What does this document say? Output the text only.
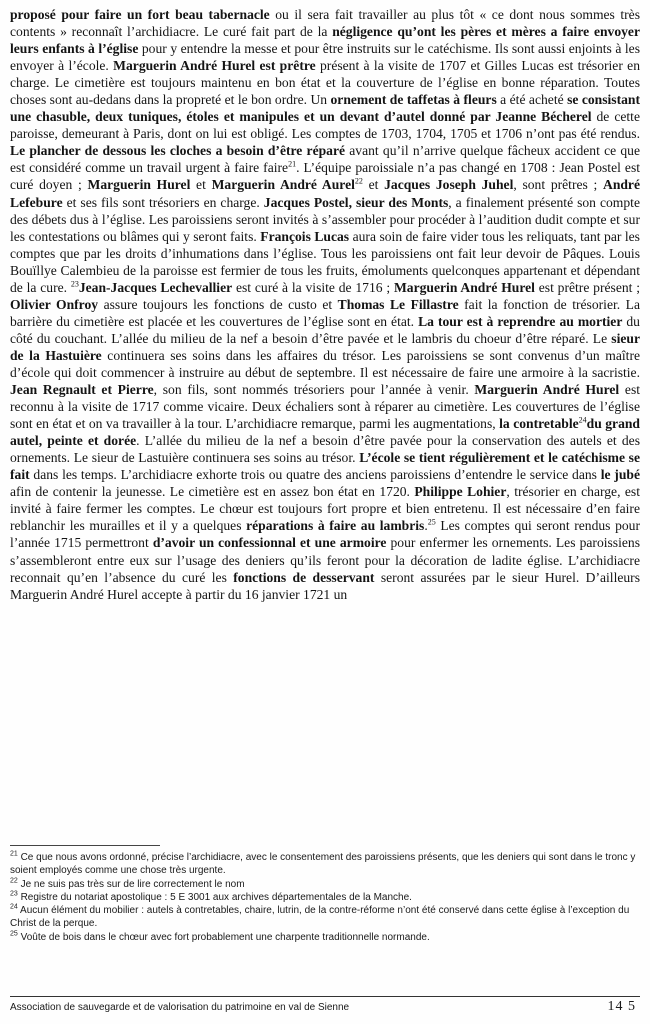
proposé pour faire un fort beau tabernacle ou il sera fait travailler au plus tôt « ce dont nous sommes très contents » reconnaît l’archidiacre. Le curé fait part de la négligence qu’ont les pères et mères a faire envoyer leurs enfants à l’église pour y entendre la messe et pour être instruits sur le catéchisme. Ils sont aussi enjoints à les envoyer à l’école. Marguerin André Hurel est prêtre présent à la visite de 1707 et Gilles Lucas est trésorier en charge. Le cimetière est toujours maintenu en bon état et la couverture de l’église en bonne réparation. Toutes choses sont au-dedans dans la propreté et le bon ordre. Un ornement de taffetas à fleurs a été acheté se consistant une chasuble, deux tuniques, étoles et manipules et un devant d’autel donné par Jeanne Bécherel de cette paroisse, demeurant à Paris, dont on lui est obligé. Les comptes de 1703, 1704, 1705 et 1706 n’ont pas été rendus. Le plancher de dessous les cloches a besoin d’être réparé avant qu’il n’arrive quelque fâcheux accident ce que est considéré comme un travail urgent à faire faire$^{21}$. L’équipe paroissiale n’a pas changé en 1708 : Jean Postel est curé doyen ; Marguerin Hurel et Marguerin André Aurel$^{22}$ et Jacques Joseph Juhel, sont prêtres ; André Lefebure et ses fils sont trésoriers en charge. Jacques Postel, sieur des Monts, a finalement présenté son compte des débets dus à l’église. Les paroissiens seront invités à s’assembler pour procéder à l’audition dudit compte et sur les contestations ou blâmes qui y seront faits. François Lucas aura soin de faire vider tous les reliquats, tant par les comptes que par les droits d’inhumations dans l’église. Tous les paroissiens ont fait leur devoir de Pâques. Louis Bouïllye Calembieu de la paroisse est fermier de tous les fruits, émoluments quelconques appartenant et dépendant de la cure. $^{23}$Jean-Jacques Lechevallier est curé à la visite de 1716 ; Marguerin André Hurel est prêtre présent ; Olivier Onfroy assure toujours les fonctions de custo et Thomas Le Fillastre fait la fonction de trésorier. La barrière du cimetière est placée et les couvertures de l’église sont en état. La tour est à reprendre au mortier du côté du couchant. L’allée du milieu de la nef a besoin d’être pavée et le lambris du choeur d’être réparé. Le sieur de la Hastuière continuera ses soins dans les affaires du trésor. Les paroissiens se sont convenus d’un maître d’école qui doit commencer à instruire au début de septembre. Il est nécessaire de faire une armoire à la sacristie. Jean Regnault et Pierre, son fils, sont nommés trésoriers pour l’année à venir. Marguerin André Hurel est reconnu à la visite de 1717 comme vicaire. Deux échaliers sont à réparer au cimetière. Les couvertures de l’église sont en état et on va travailler à la tour. L’archidiacre remarque, parmi les augmentations, la contretable$^{24}$du grand autel, peinte et dorée. L’allée du milieu de la nef a besoin d’être pavée pour la conservation des autels et des ornements. Le sieur de Lastuière continuera ses soins au trésor. L’école se tient régulièrement et le catéchisme se fait dans les temps. L’archidiacre exhorte trois ou quatre des anciens paroissiens d’entendre le service dans le jubé afin de contenir la jeunesse. Le cimetière est en assez bon état en 1720. Philippe Lohier, trésorier en charge, est invité à faire fermer les comptes. Le chœur est toujours fort propre et bien entretenu. Il est nécessaire d’en faire reblanchir les murailles et il y a quelques réparations à faire au lambris.$^{25}$ Les comptes qui seront rendus pour l’année 1715 permettront d’avoir un confessionnal et une armoire pour enfermer les ornements. Les paroissiens s’assembleront entre eux sur l’usage des deniers qu’ils feront pour la décoration de ladite église. L’archidiacre reconnait qu’en l’absence du curé les fonctions de desservant seront assurées par le sieur Hurel. D’ailleurs Marguerin André Hurel accepte à partir du 16 janvier 1721 un

$^{21}$ Ce que nous avons ordonné, précise l’archidiacre, avec le consentement des paroissiens présents, que les deniers qui sont dans le tronc y soient employés comme une chose très urgente.

$^{22}$ Je ne suis pas très sur de lire correctement le nom

$^{23}$ Registre du notariat apostolique : 5 E 3001 aux archives départementales de la Manche.

$^{24}$ Aucun élément du mobilier : autels à contretables, chaire, lutrin, de la contre-réforme n’ont été conservé dans cette église à l’exception du Christ de la perque.

$^{25}$ Voûte de bois dans le chœur avec fort probablement une charpente traditionnelle normande.

Association de sauvegarde et de valorisation du patrimoine en val de Sienne	14 5
